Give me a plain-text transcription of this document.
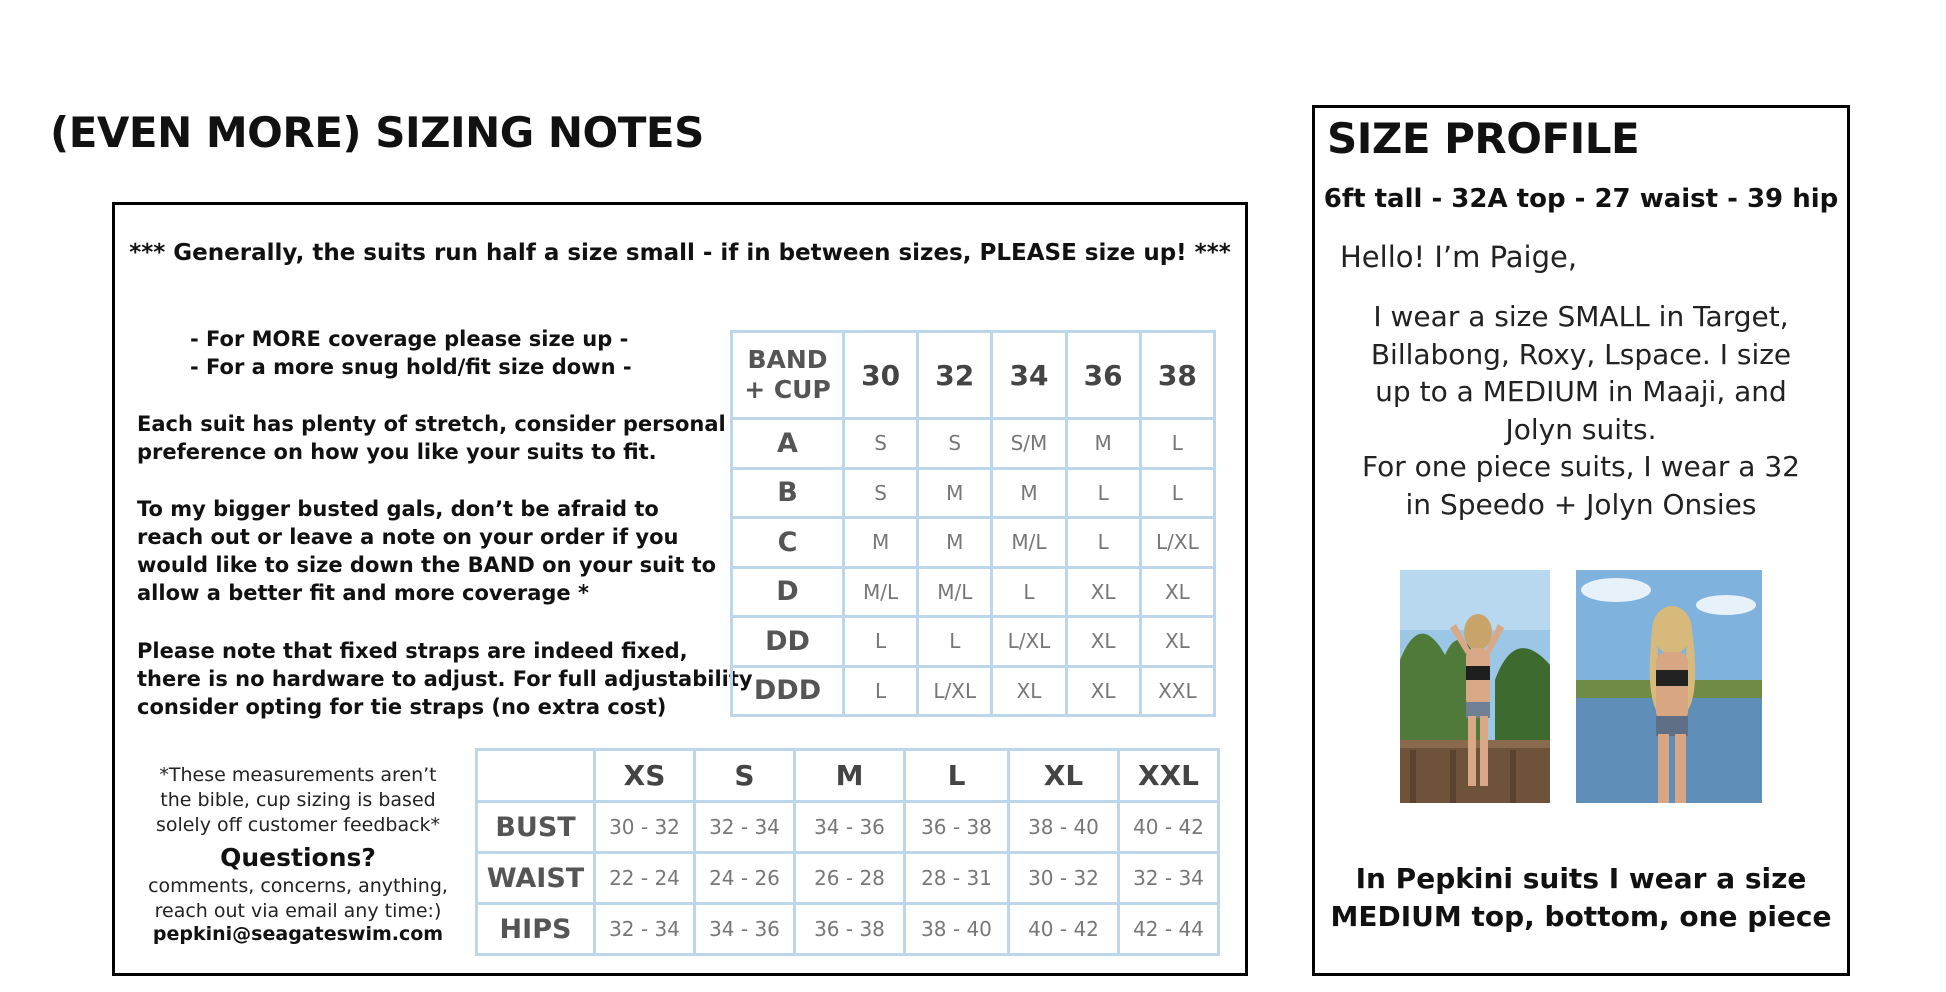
(EVEN MORE) SIZING NOTES
*** Generally, the suits run half a size small - if in between sizes, PLEASE size up! ***
- For MORE coverage please size up -
- For a more snug hold/fit size down -
Each suit has plenty of stretch, consider personal
preference on how you like your suits to fit.
To my bigger busted gals, don’t be afraid to
reach out or leave a note on your order if you
would like to size down the BAND on your suit to
allow a better fit and more coverage *
Please note that fixed straps are indeed fixed,
there is no hardware to adjust. For full adjustability
consider opting for tie straps (no extra cost)
BAND
+ CUP	30	32	34	36	38
A	S	S	S/M	M	L
B	S	M	M	L	L
C	M	M	M/L	L	L/XL
D	M/L	M/L	L	XL	XL
DD	L	L	L/XL	XL	XL
DDD	L	L/XL	XL	XL	XXL
	XS	S	M	L	XL	XXL
BUST	30 - 32	32 - 34	34 - 36	36 - 38	38 - 40	40 - 42
WAIST	22 - 24	24 - 26	26 - 28	28 - 31	30 - 32	32 - 34
HIPS	32 - 34	34 - 36	36 - 38	38 - 40	40 - 42	42 - 44
*These measurements aren’t
the bible, cup sizing is based
solely off customer feedback*
Questions?
comments, concerns, anything,
reach out via email any time:)
pepkini@seagateswim.com
SIZE PROFILE
6ft tall - 32A top - 27 waist - 39 hip
Hello! I’m Paige,
I wear a size SMALL in Target,
Billabong, Roxy, Lspace. I size
up to a MEDIUM in Maaji, and
Jolyn suits.
For one piece suits, I wear a 32
in Speedo + Jolyn Onsies
In Pepkini suits I wear a size
MEDIUM top, bottom, one piece
